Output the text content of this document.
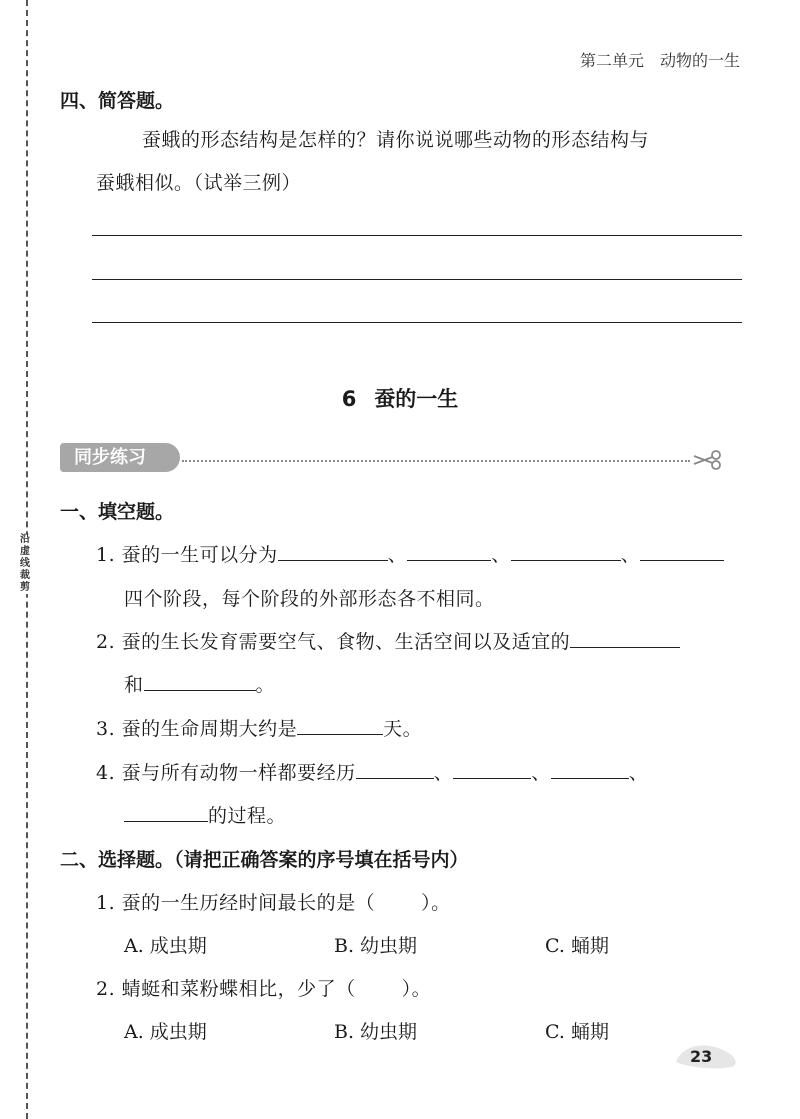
沿虚线裁剪
第二单元 动物的一生
四、简答题。
蚕蛾的形态结构是怎样的？请你说说哪些动物的形态结构与
蚕蛾相似。（试举三例）
6 蚕的一生
同步练习
一、填空题。
1. 蚕的一生可以分为	、	、	、
四个阶段，每个阶段的外部形态各不相同。
2. 蚕的生长发育需要空气、食物、生活空间以及适宜的
和	。
3. 蚕的生命周期大约是	天。
4. 蚕与所有动物一样都要经历	、	、	、
的过程。
二、选择题。（请把正确答案的序号填在括号内）
1. 蚕的一生历经时间最长的是（ ）。
A. 成虫期	B. 幼虫期	C. 蛹期
2. 蜻蜓和菜粉蝶相比，少了（ ）。
A. 成虫期	B. 幼虫期	C. 蛹期
23
